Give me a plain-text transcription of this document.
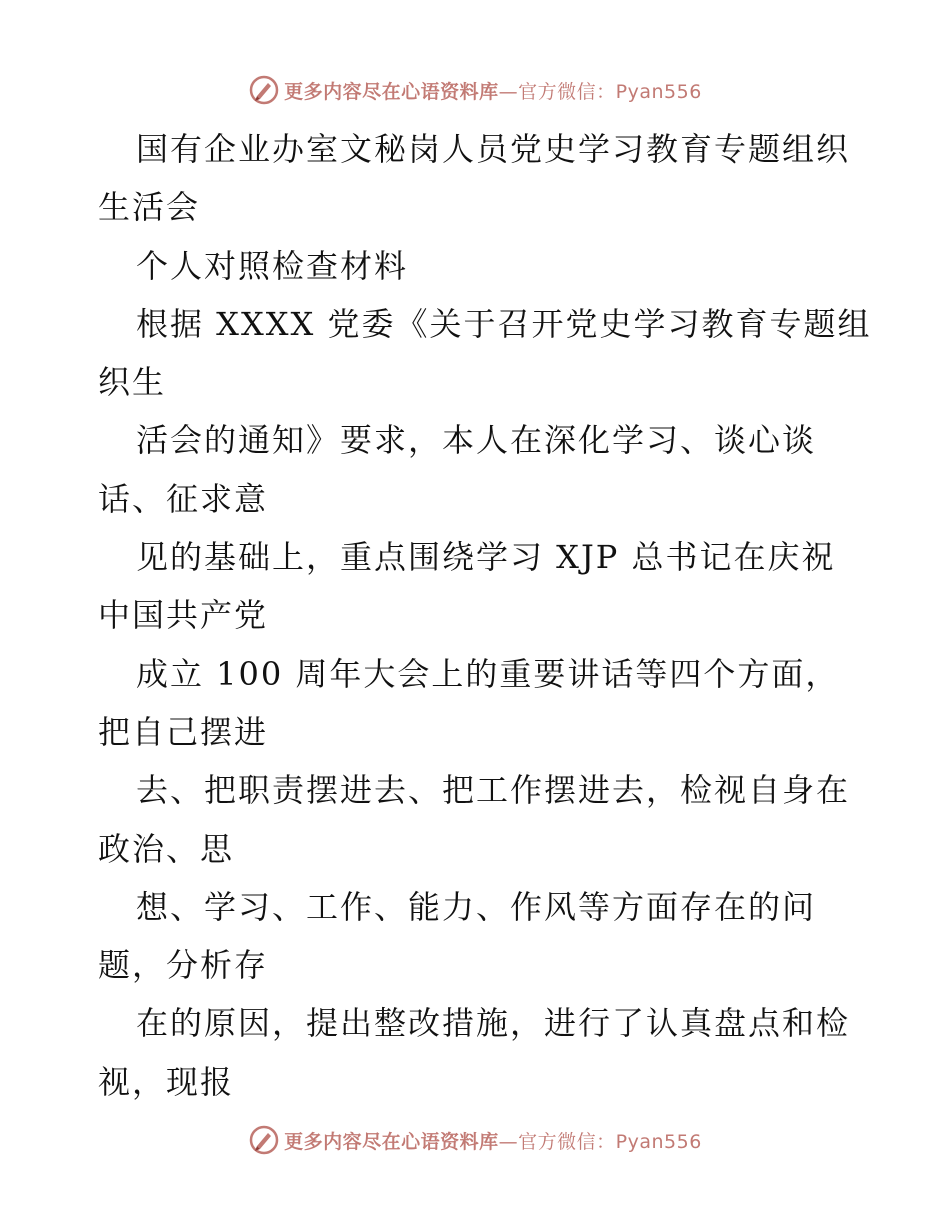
更多内容尽在心语资料库—官方微信：Pyan556
国有企业办室文秘岗人员党史学习教育专题组织
生活会
个人对照检查材料
根据 XXXX 党委《关于召开党史学习教育专题组
织生
活会的通知》要求，本人在深化学习、谈心谈
话、征求意
见的基础上，重点围绕学习 XJP 总书记在庆祝
中国共产党
成立 100 周年大会上的重要讲话等四个方面，
把自己摆进
去、把职责摆进去、把工作摆进去，检视自身在
政治、思
想、学习、工作、能力、作风等方面存在的问
题，分析存
在的原因，提出整改措施，进行了认真盘点和检
视，现报
更多内容尽在心语资料库—官方微信：Pyan556
